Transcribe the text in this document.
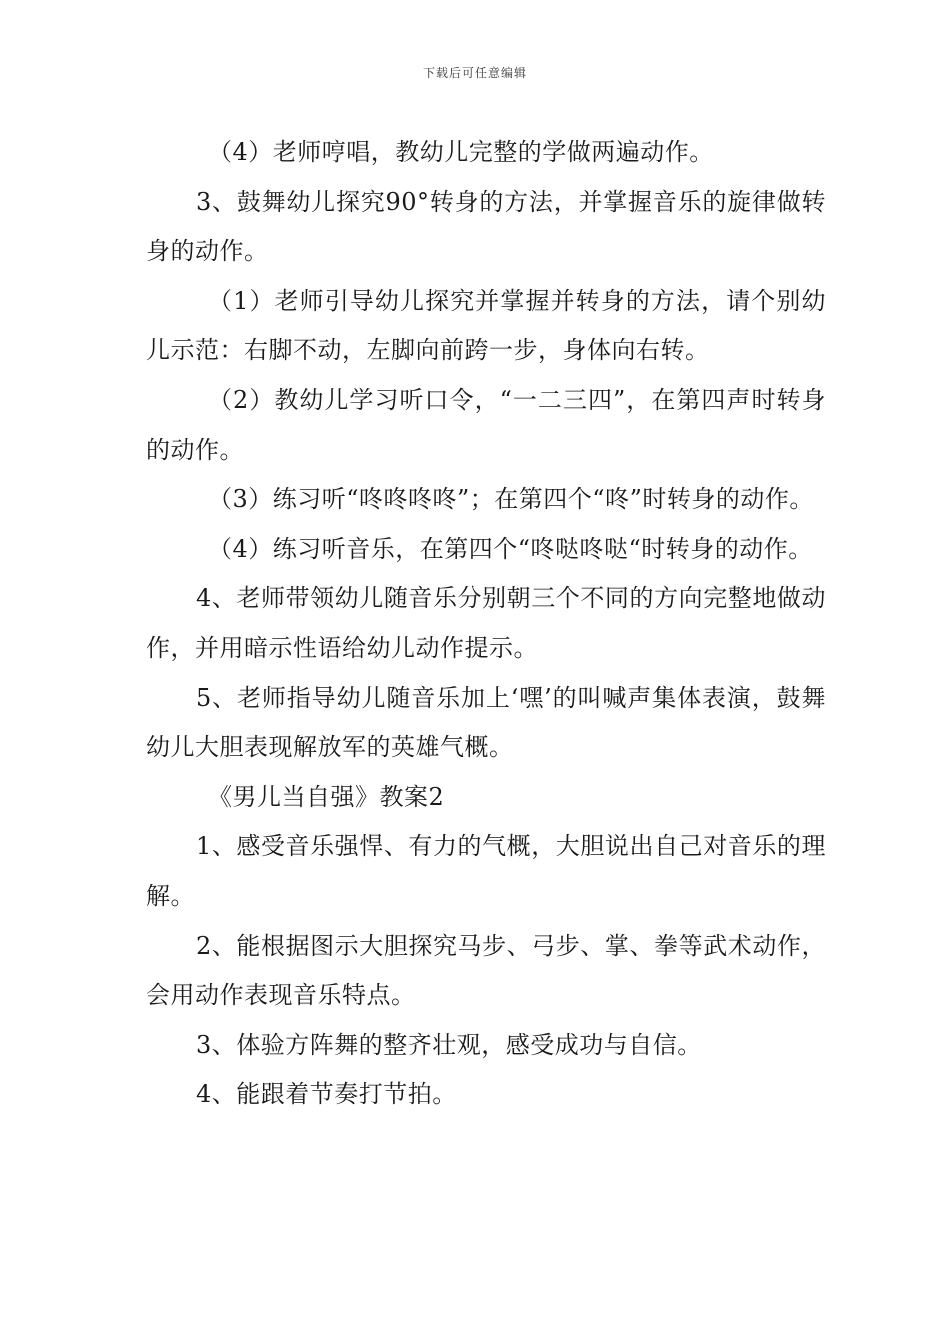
下载后可任意编辑

（4）老师哼唱，教幼儿完整的学做两遍动作。

3、鼓舞幼儿探究90°转身的方法，并掌握音乐的旋律做转身的动作。

（1）老师引导幼儿探究并掌握并转身的方法，请个别幼儿示范：右脚不动，左脚向前跨一步，身体向右转。

（2）教幼儿学习听口令，“一二三四”，在第四声时转身的动作。

（3）练习听“咚咚咚咚”；在第四个“咚”时转身的动作。

（4）练习听音乐，在第四个“咚哒咚哒“时转身的动作。

4、老师带领幼儿随音乐分别朝三个不同的方向完整地做动作，并用暗示性语给幼儿动作提示。

5、老师指导幼儿随音乐加上‘嘿’的叫喊声集体表演，鼓舞幼儿大胆表现解放军的英雄气概。

《男儿当自强》教案2

1、感受音乐强悍、有力的气概，大胆说出自己对音乐的理解。

2、能根据图示大胆探究马步、弓步、掌、拳等武术动作，会用动作表现音乐特点。

3、体验方阵舞的整齐壮观，感受成功与自信。

4、能跟着节奏打节拍。
